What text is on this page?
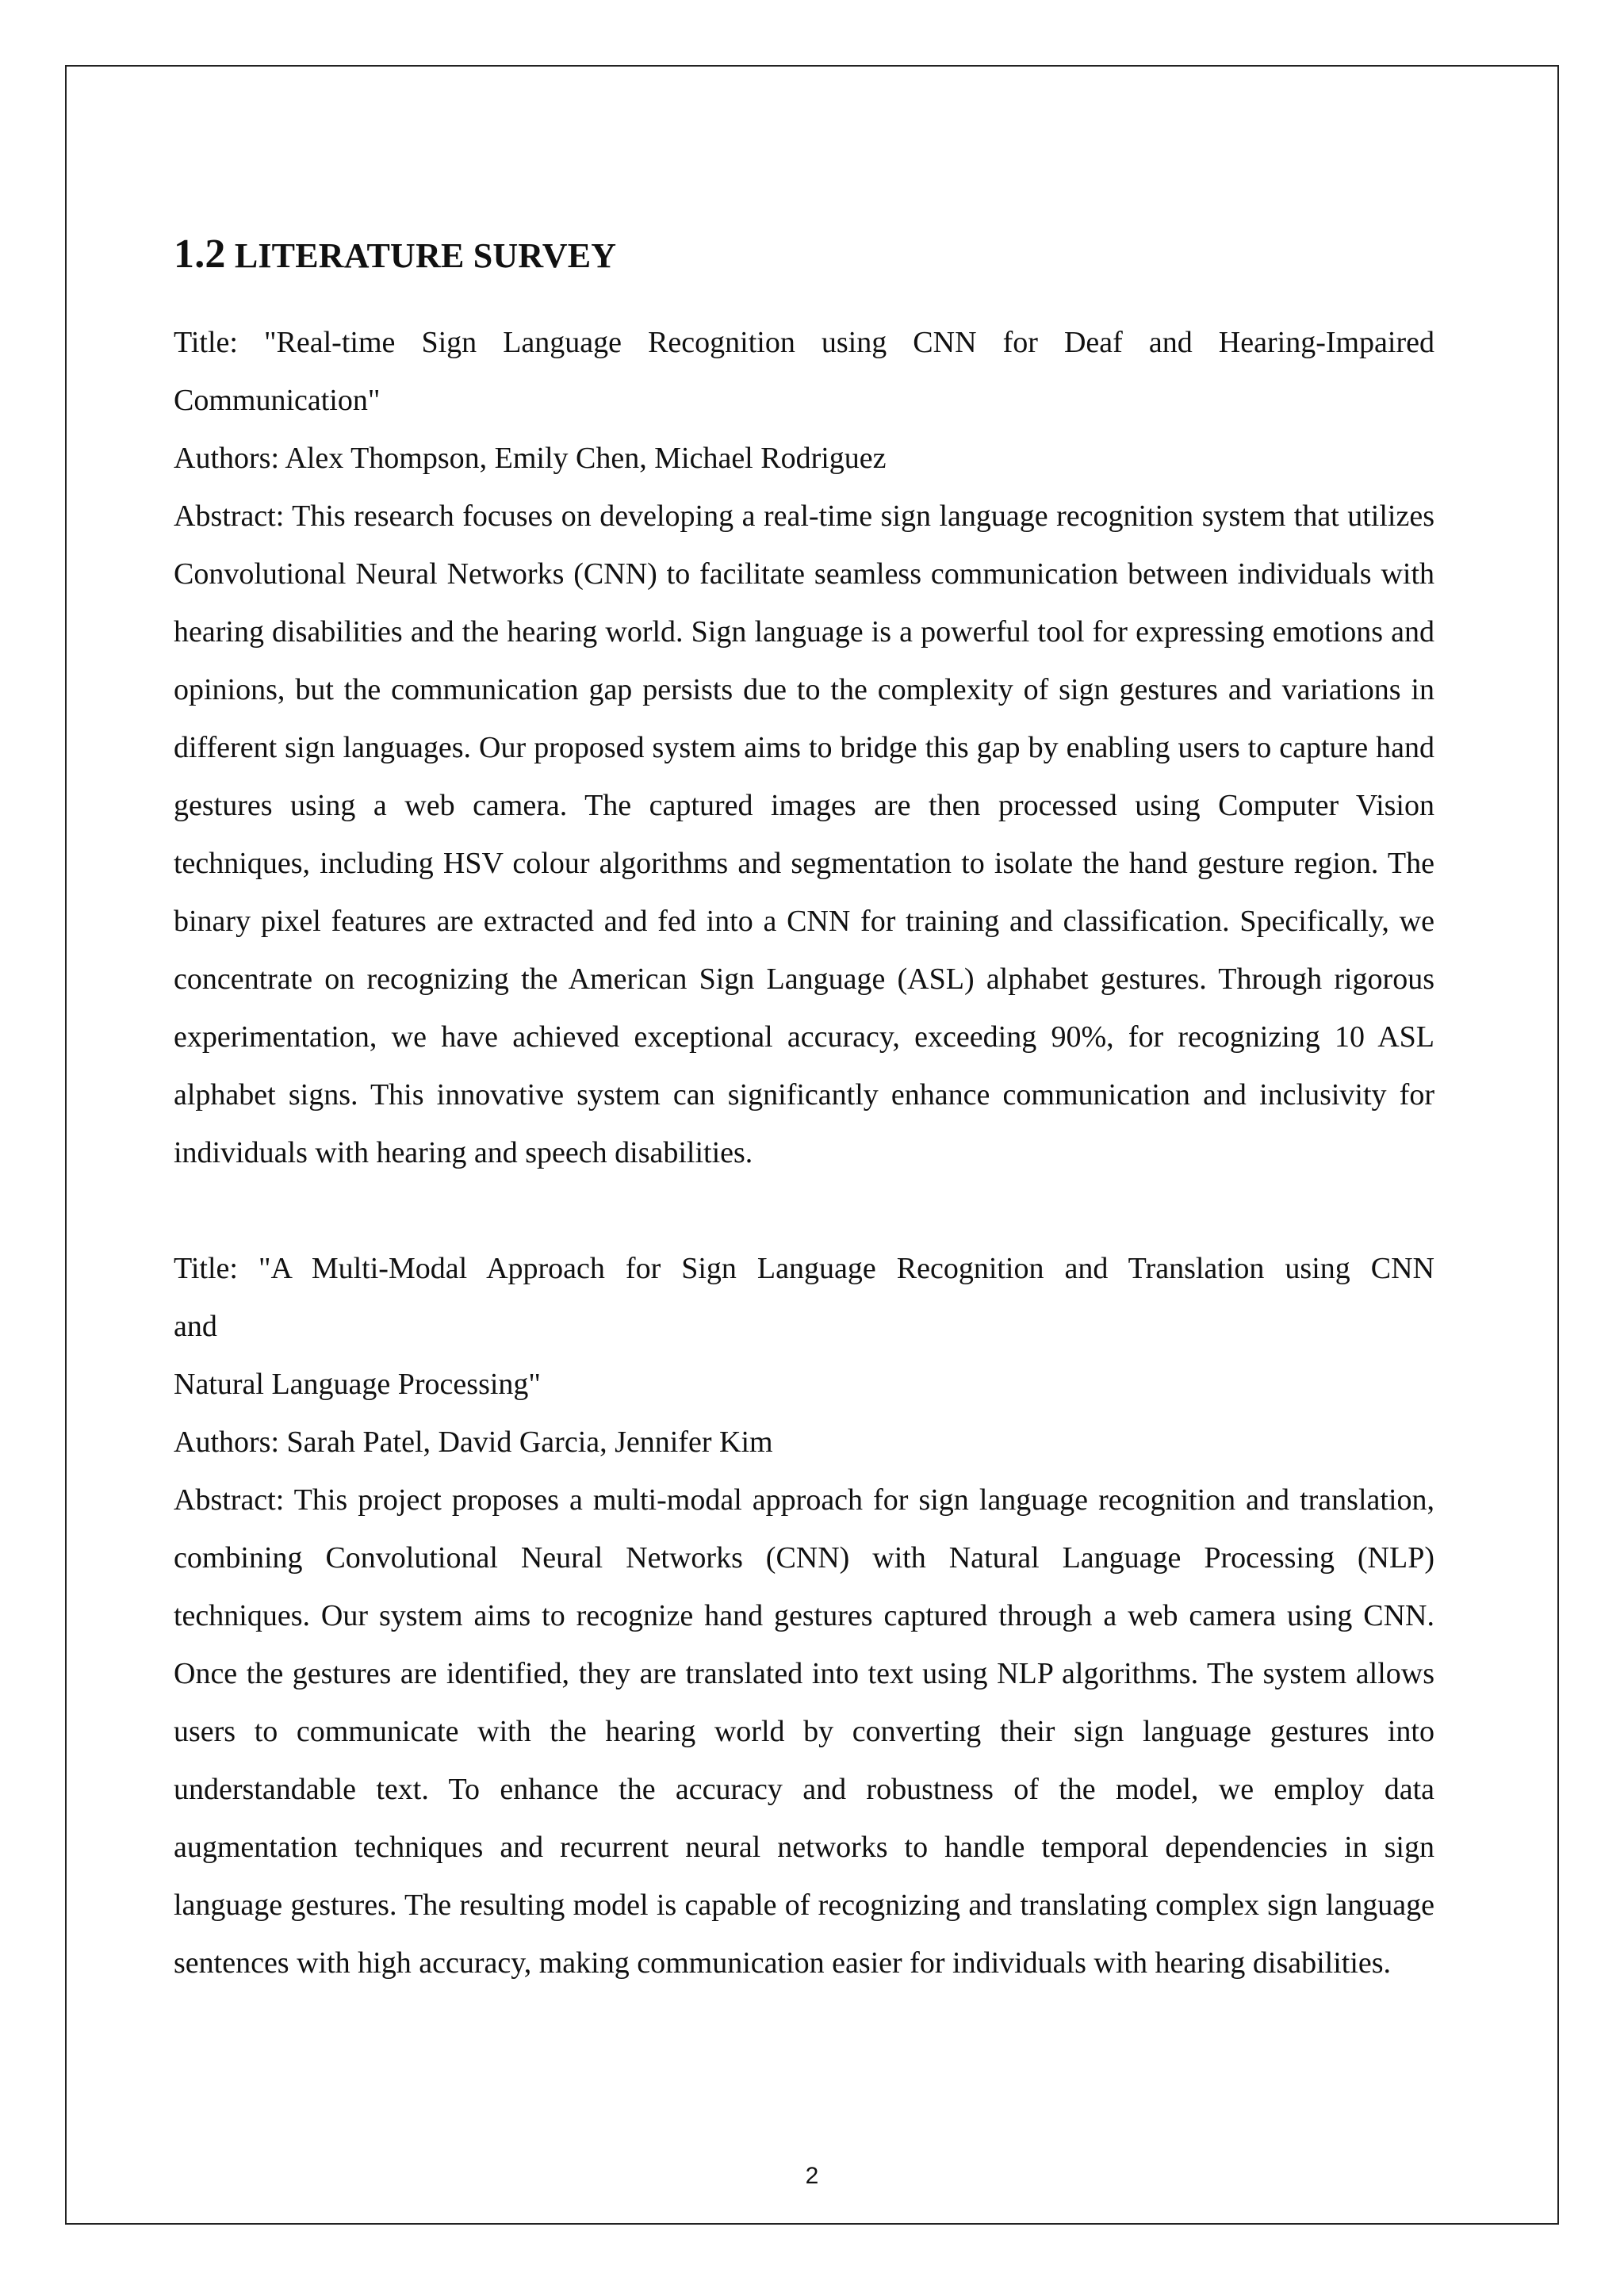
1.2 LITERATURE SURVEY

Title: "Real-time Sign Language Recognition using CNN for Deaf and Hearing-Impaired

Communication"

Authors: Alex Thompson, Emily Chen, Michael Rodriguez

Abstract: This research focuses on developing a real-time sign language recognition system that utilizes Convolutional Neural Networks (CNN) to facilitate seamless communication between individuals with hearing disabilities and the hearing world. Sign language is a powerful tool for expressing emotions and opinions, but the communication gap persists due to the complexity of sign gestures and variations in different sign languages. Our proposed system aims to bridge this gap by enabling users to capture hand gestures using a web camera. The captured images are then processed using Computer Vision techniques, including HSV colour algorithms and segmentation to isolate the hand gesture region. The binary pixel features are extracted and fed into a CNN for training and classification. Specifically, we concentrate on recognizing the American Sign Language (ASL) alphabet gestures. Through rigorous experimentation, we have achieved exceptional accuracy, exceeding 90%, for recognizing 10 ASL alphabet signs. This innovative system can significantly enhance communication and inclusivity for individuals with hearing and speech disabilities.

Title: "A Multi-Modal Approach for Sign Language Recognition and Translation using CNN

and

Natural Language Processing"

Authors: Sarah Patel, David Garcia, Jennifer Kim

Abstract: This project proposes a multi-modal approach for sign language recognition and translation, combining Convolutional Neural Networks (CNN) with Natural Language Processing (NLP) techniques. Our system aims to recognize hand gestures captured through a web camera using CNN. Once the gestures are identified, they are translated into text using NLP algorithms. The system allows users to communicate with the hearing world by converting their sign language gestures into understandable text. To enhance the accuracy and robustness of the model, we employ data augmentation techniques and recurrent neural networks to handle temporal dependencies in sign language gestures. The resulting model is capable of recognizing and translating complex sign language sentences with high accuracy, making communication easier for individuals with hearing disabilities.

2
